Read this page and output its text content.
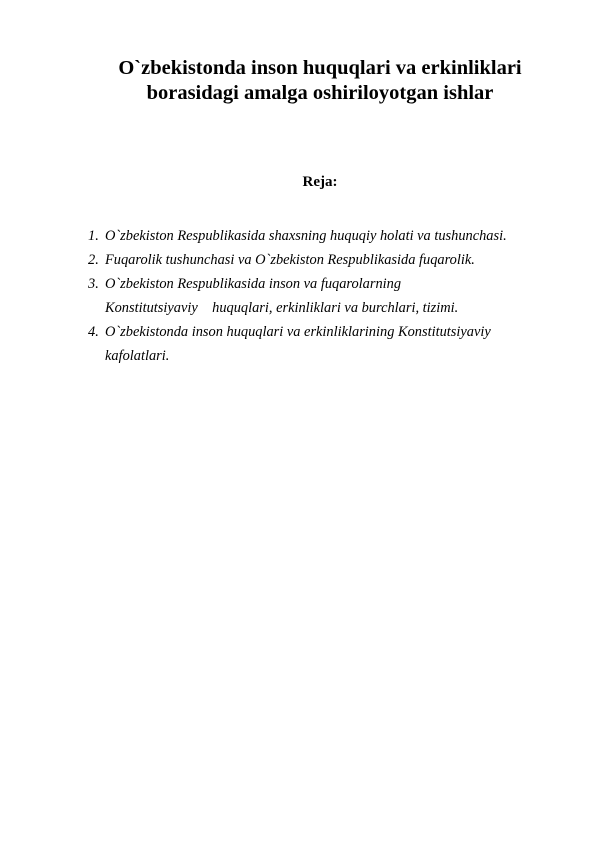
O`zbekistonda inson huquqlari va erkinliklari
borasidagi amalga oshiriloyotgan ishlar
Reja:
1. O`zbekiston Respublikasida shaxsning huquqiy holati va tushunchasi.
2. Fuqarolik tushunchasi va O`zbekiston Respublikasida fuqarolik.
3. O`zbekiston Respublikasida inson va fuqarolarning
Konstitutsiyaviy    huquqlari, erkinliklari va burchlari, tizimi.
4. O`zbekistonda inson huquqlari va erkinliklarining Konstitutsiyaviy
kafolatlari.
